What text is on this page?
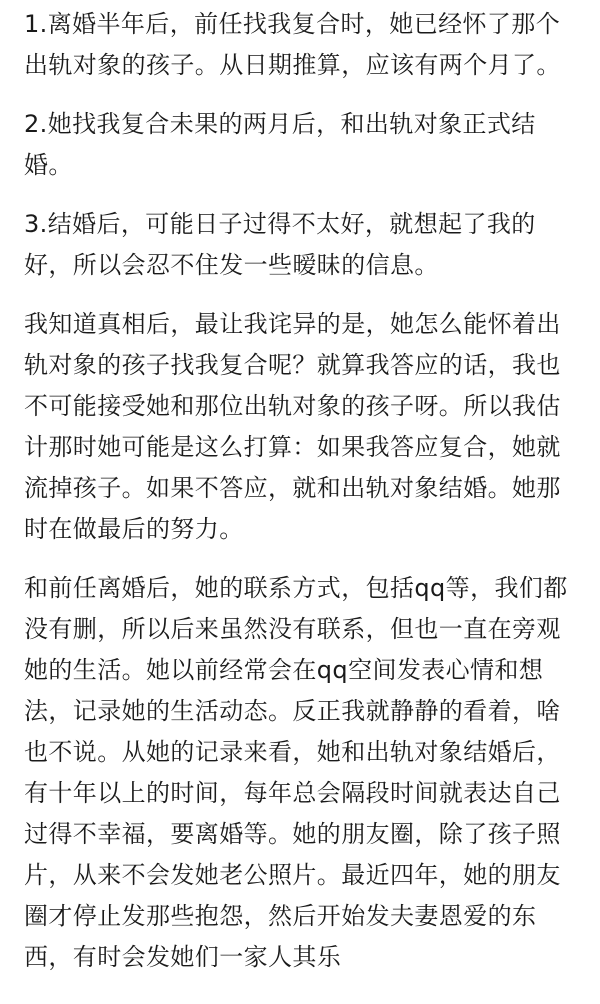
1.离婚半年后，前任找我复合时，她已经怀了那个出轨对象的孩子。从日期推算，应该有两个月了。

2.她找我复合未果的两月后，和出轨对象正式结婚。

3.结婚后，可能日子过得不太好，就想起了我的好，所以会忍不住发一些暧昧的信息。

我知道真相后，最让我诧异的是，她怎么能怀着出轨对象的孩子找我复合呢？就算我答应的话，我也不可能接受她和那位出轨对象的孩子呀。所以我估计那时她可能是这么打算：如果我答应复合，她就流掉孩子。如果不答应，就和出轨对象结婚。她那时在做最后的努力。

和前任离婚后，她的联系方式，包括qq等，我们都没有删，所以后来虽然没有联系，但也一直在旁观她的生活。她以前经常会在qq空间发表心情和想法，记录她的生活动态。反正我就静静的看着，啥也不说。从她的记录来看，她和出轨对象结婚后，有十年以上的时间，每年总会隔段时间就表达自己过得不幸福，要离婚等。她的朋友圈，除了孩子照片，从来不会发她老公照片。最近四年，她的朋友圈才停止发那些抱怨，然后开始发夫妻恩爱的东西，有时会发她们一家人其乐
